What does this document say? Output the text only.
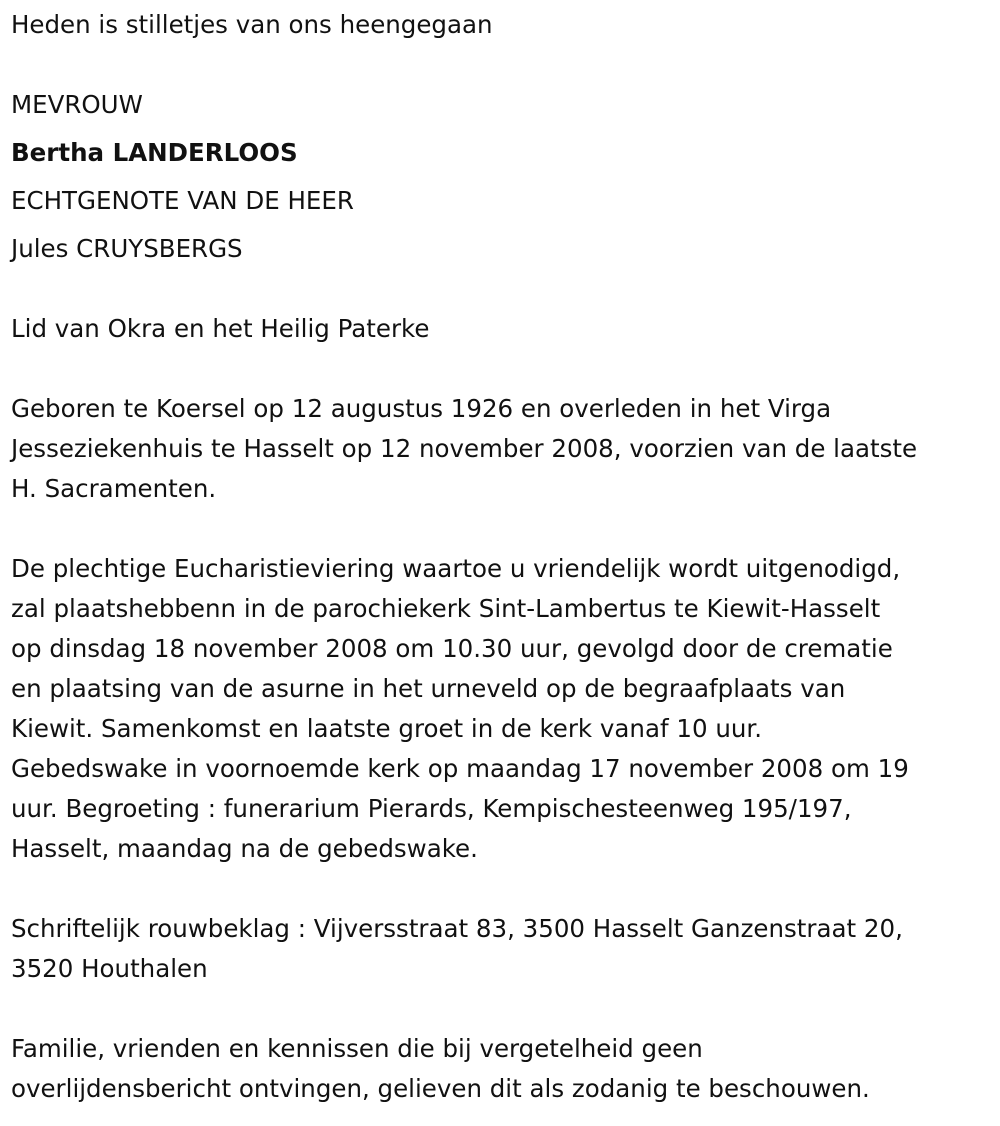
Heden is stilletjes van ons heengegaan
MEVROUW
Bertha LANDERLOOS
ECHTGENOTE VAN DE HEER
Jules CRUYSBERGS
Lid van Okra en het Heilig Paterke
Geboren te Koersel op 12 augustus 1926 en overleden in het Virga
Jesseziekenhuis te Hasselt op 12 november 2008, voorzien van de laatste
H. Sacramenten.
De plechtige Eucharistieviering waartoe u vriendelijk wordt uitgenodigd,
zal plaatshebbenn in de parochiekerk Sint-Lambertus te Kiewit-Hasselt
op dinsdag 18 november 2008 om 10.30 uur, gevolgd door de crematie
en plaatsing van de asurne in het urneveld op de begraafplaats van
Kiewit. Samenkomst en laatste groet in de kerk vanaf 10 uur.
Gebedswake in voornoemde kerk op maandag 17 november 2008 om 19
uur. Begroeting : funerarium Pierards, Kempischesteenweg 195/197,
Hasselt, maandag na de gebedswake.
Schriftelijk rouwbeklag : Vijversstraat 83, 3500 Hasselt Ganzenstraat 20,
3520 Houthalen
Familie, vrienden en kennissen die bij vergetelheid geen
overlijdensbericht ontvingen, gelieven dit als zodanig te beschouwen.
